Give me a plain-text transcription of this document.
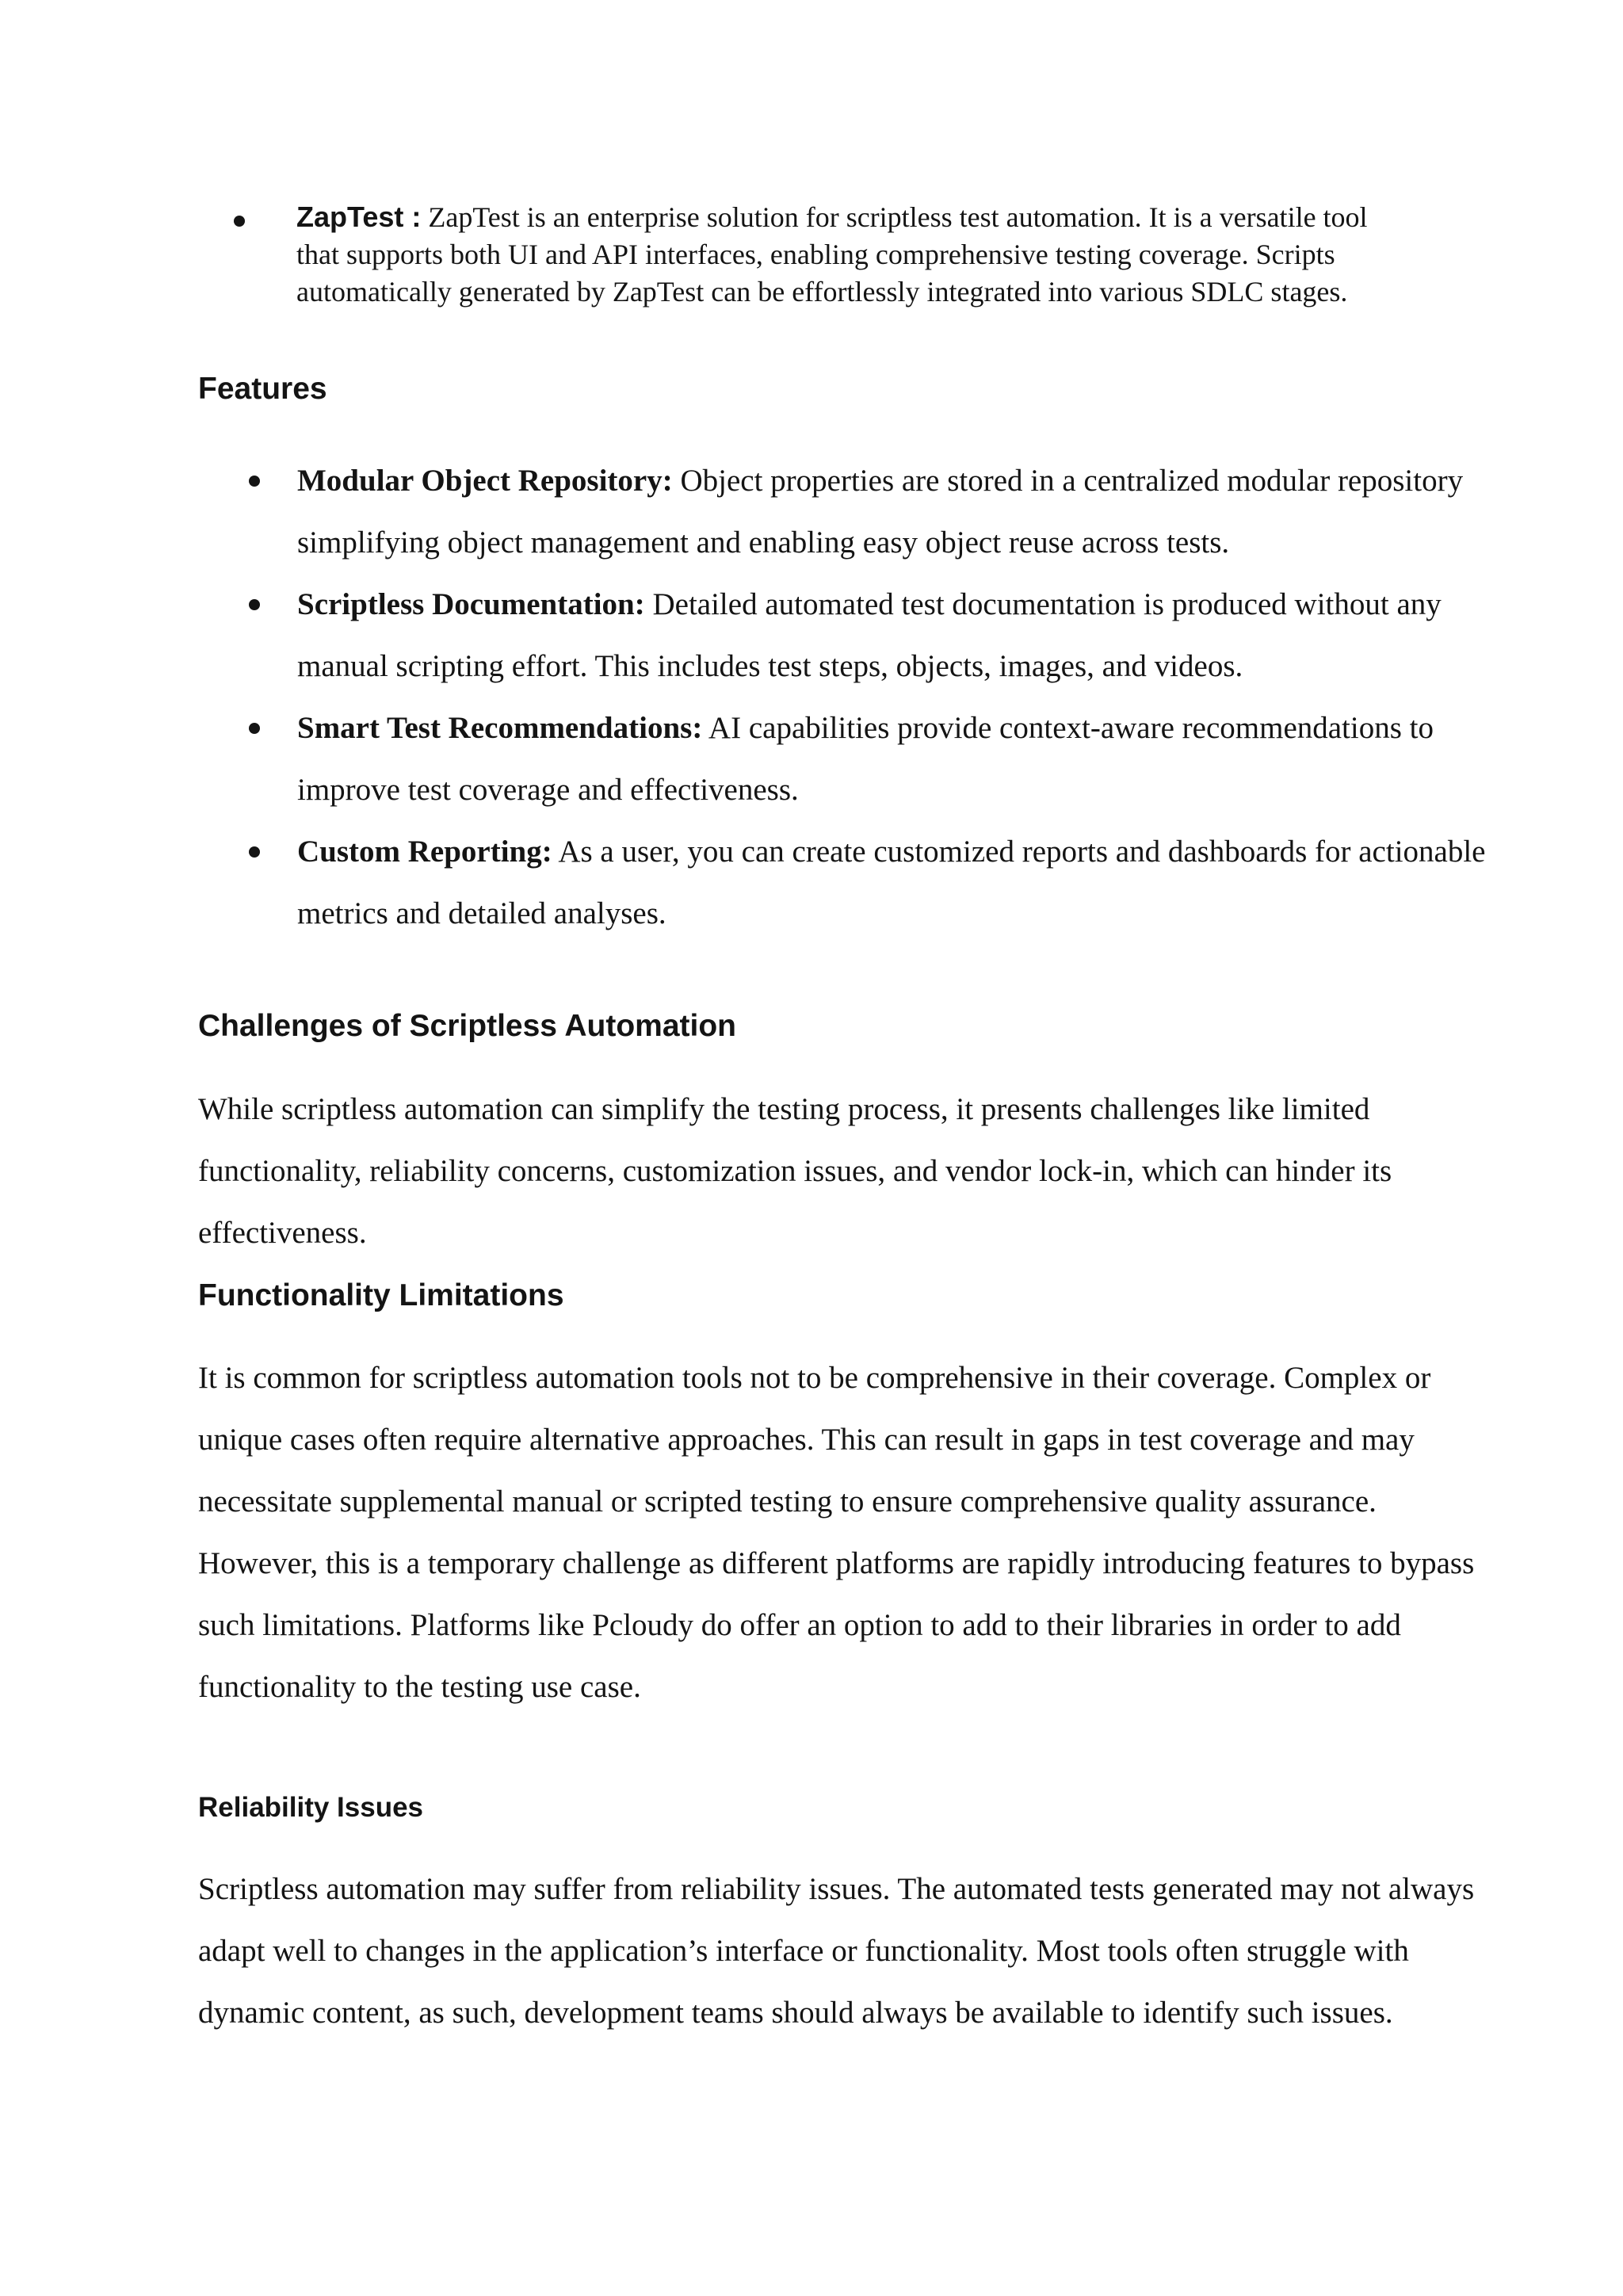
ZapTest : ZapTest is an enterprise solution for scriptless test automation. It is a versatile tool that supports both UI and API interfaces, enabling comprehensive testing coverage. Scripts automatically generated by ZapTest can be effortlessly integrated into various SDLC stages.
Features
Modular Object Repository: Object properties are stored in a centralized modular repository simplifying object management and enabling easy object reuse across tests.
Scriptless Documentation: Detailed automated test documentation is produced without any manual scripting effort. This includes test steps, objects, images, and videos.
Smart Test Recommendations: AI capabilities provide context-aware recommendations to improve test coverage and effectiveness.
Custom Reporting: As a user, you can create customized reports and dashboards for actionable metrics and detailed analyses.
Challenges of Scriptless Automation
While scriptless automation can simplify the testing process, it presents challenges like limited functionality, reliability concerns, customization issues, and vendor lock-in, which can hinder its effectiveness.
Functionality Limitations
It is common for scriptless automation tools not to be comprehensive in their coverage. Complex or unique cases often require alternative approaches. This can result in gaps in test coverage and may necessitate supplemental manual or scripted testing to ensure comprehensive quality assurance. However, this is a temporary challenge as different platforms are rapidly introducing features to bypass such limitations. Platforms like Pcloudy do offer an option to add to their libraries in order to add functionality to the testing use case.
Reliability Issues
Scriptless automation may suffer from reliability issues. The automated tests generated may not always adapt well to changes in the application’s interface or functionality. Most tools often struggle with dynamic content, as such, development teams should always be available to identify such issues.
